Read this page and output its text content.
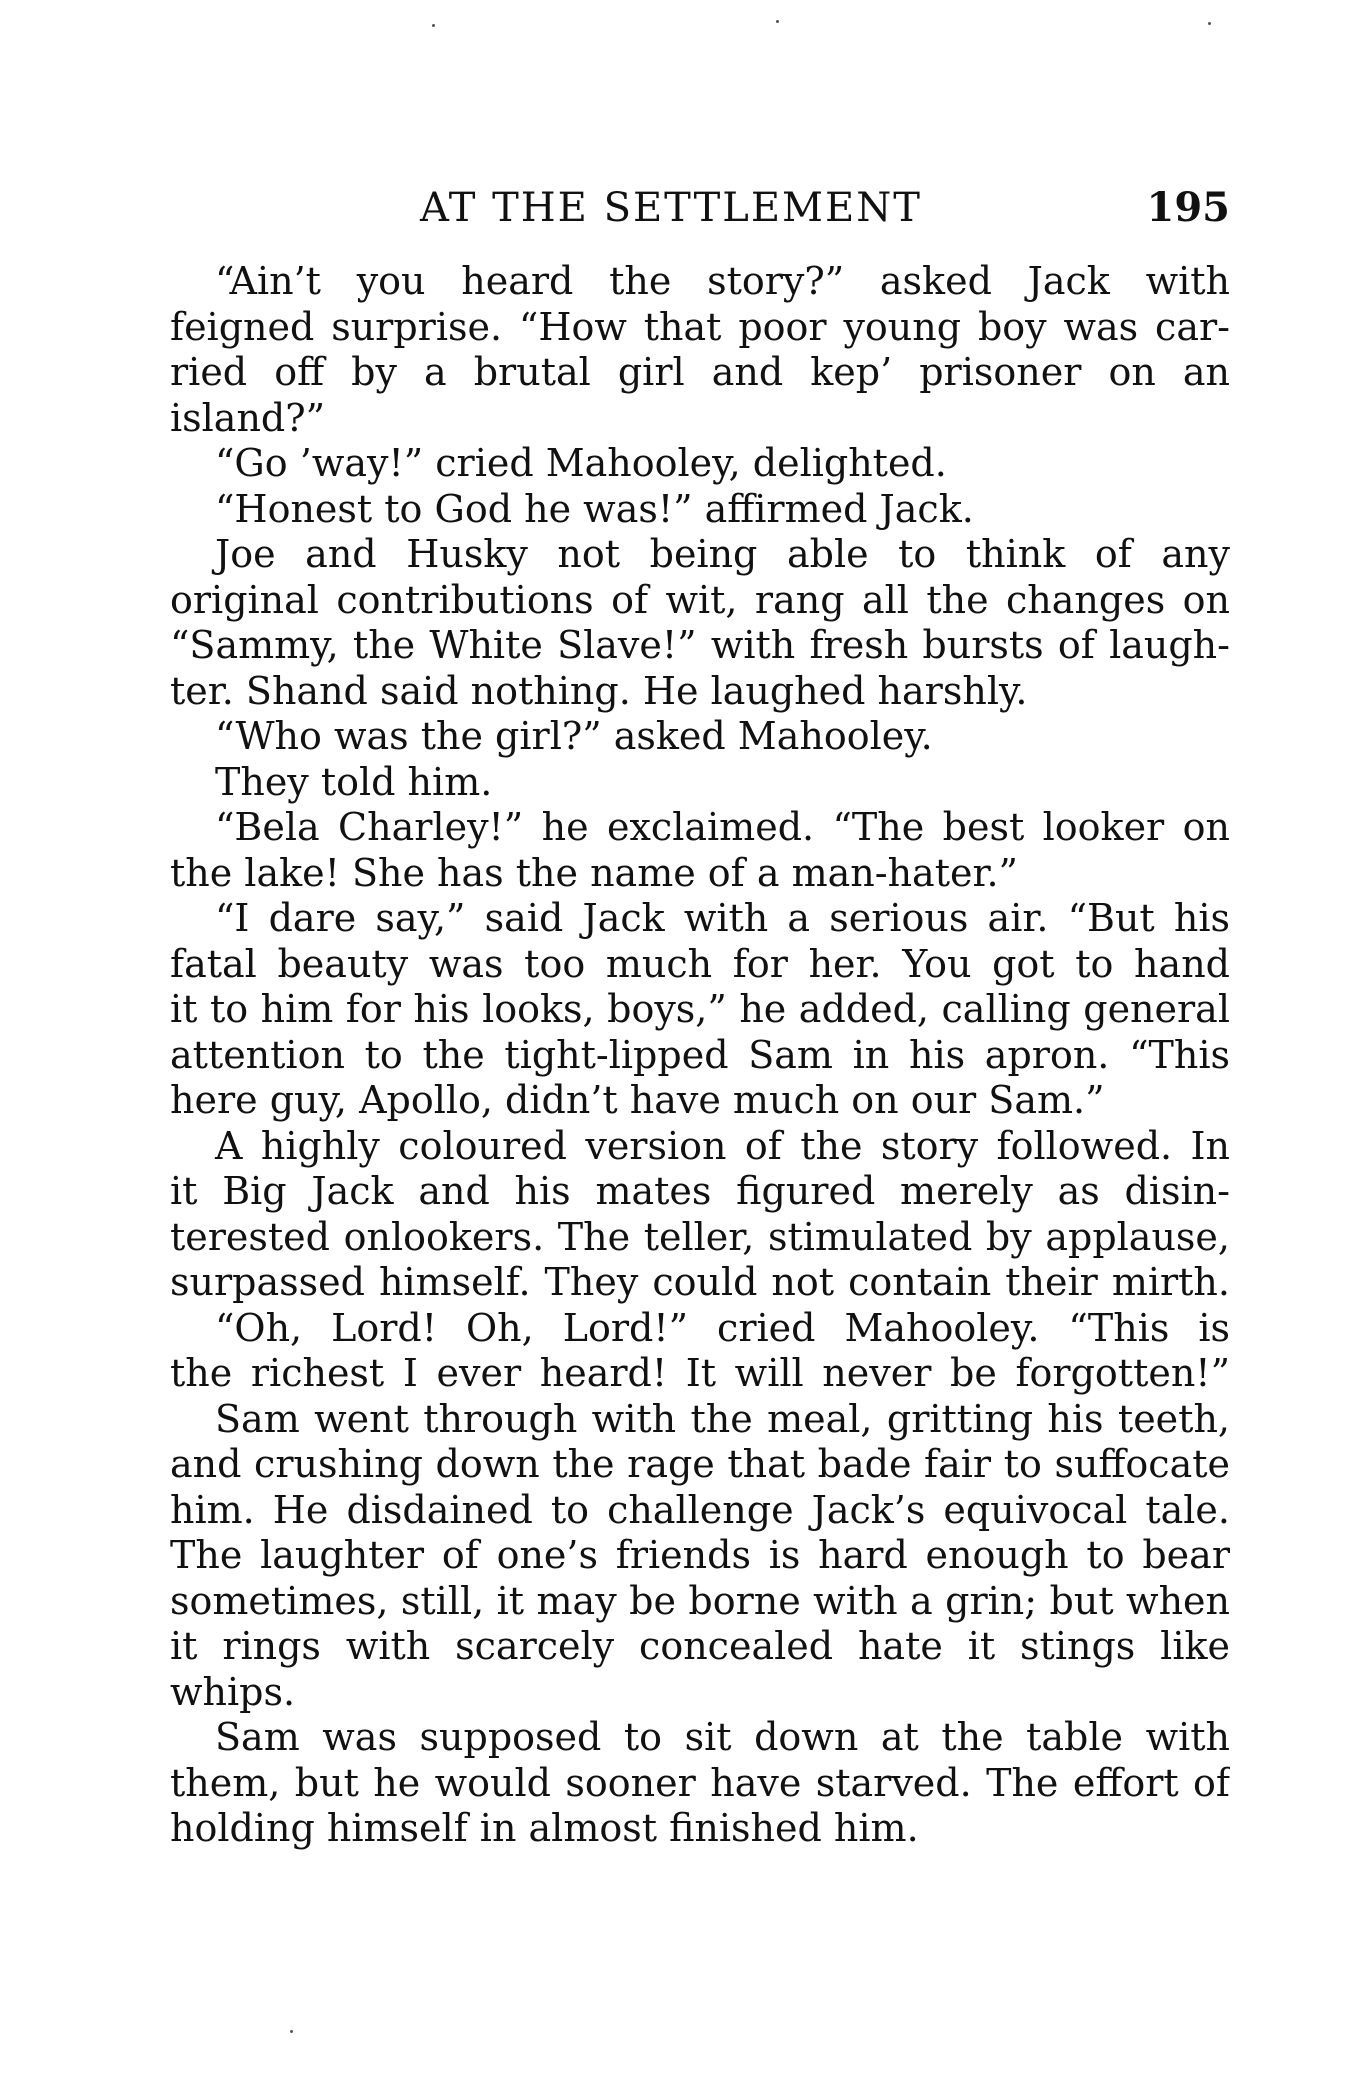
AT THE SETTLEMENT	195
“Ain’t you heard the story?” asked Jack with
feigned surprise. “How that poor young boy was car-
ried off by a brutal girl and kep’ prisoner on an
island?”
“Go ’way!” cried Mahooley, delighted.
“Honest to God he was!” affirmed Jack.
Joe and Husky not being able to think of any
original contributions of wit, rang all the changes on
“Sammy, the White Slave!” with fresh bursts of laugh-
ter. Shand said nothing. He laughed harshly.
“Who was the girl?” asked Mahooley.
They told him.
“Bela Charley!” he exclaimed. “The best looker on
the lake! She has the name of a man-hater.”
“I dare say,” said Jack with a serious air. “But his
fatal beauty was too much for her. You got to hand
it to him for his looks, boys,” he added, calling general
attention to the tight-lipped Sam in his apron. “This
here guy, Apollo, didn’t have much on our Sam.”
A highly coloured version of the story followed. In
it Big Jack and his mates figured merely as disin-
terested onlookers. The teller, stimulated by applause,
surpassed himself. They could not contain their mirth.
“Oh, Lord! Oh, Lord!” cried Mahooley. “This is
the richest I ever heard! It will never be forgotten!”
Sam went through with the meal, gritting his teeth,
and crushing down the rage that bade fair to suffocate
him. He disdained to challenge Jack’s equivocal tale.
The laughter of one’s friends is hard enough to bear
sometimes, still, it may be borne with a grin; but when
it rings with scarcely concealed hate it stings like
whips.
Sam was supposed to sit down at the table with
them, but he would sooner have starved. The effort of
holding himself in almost finished him.
